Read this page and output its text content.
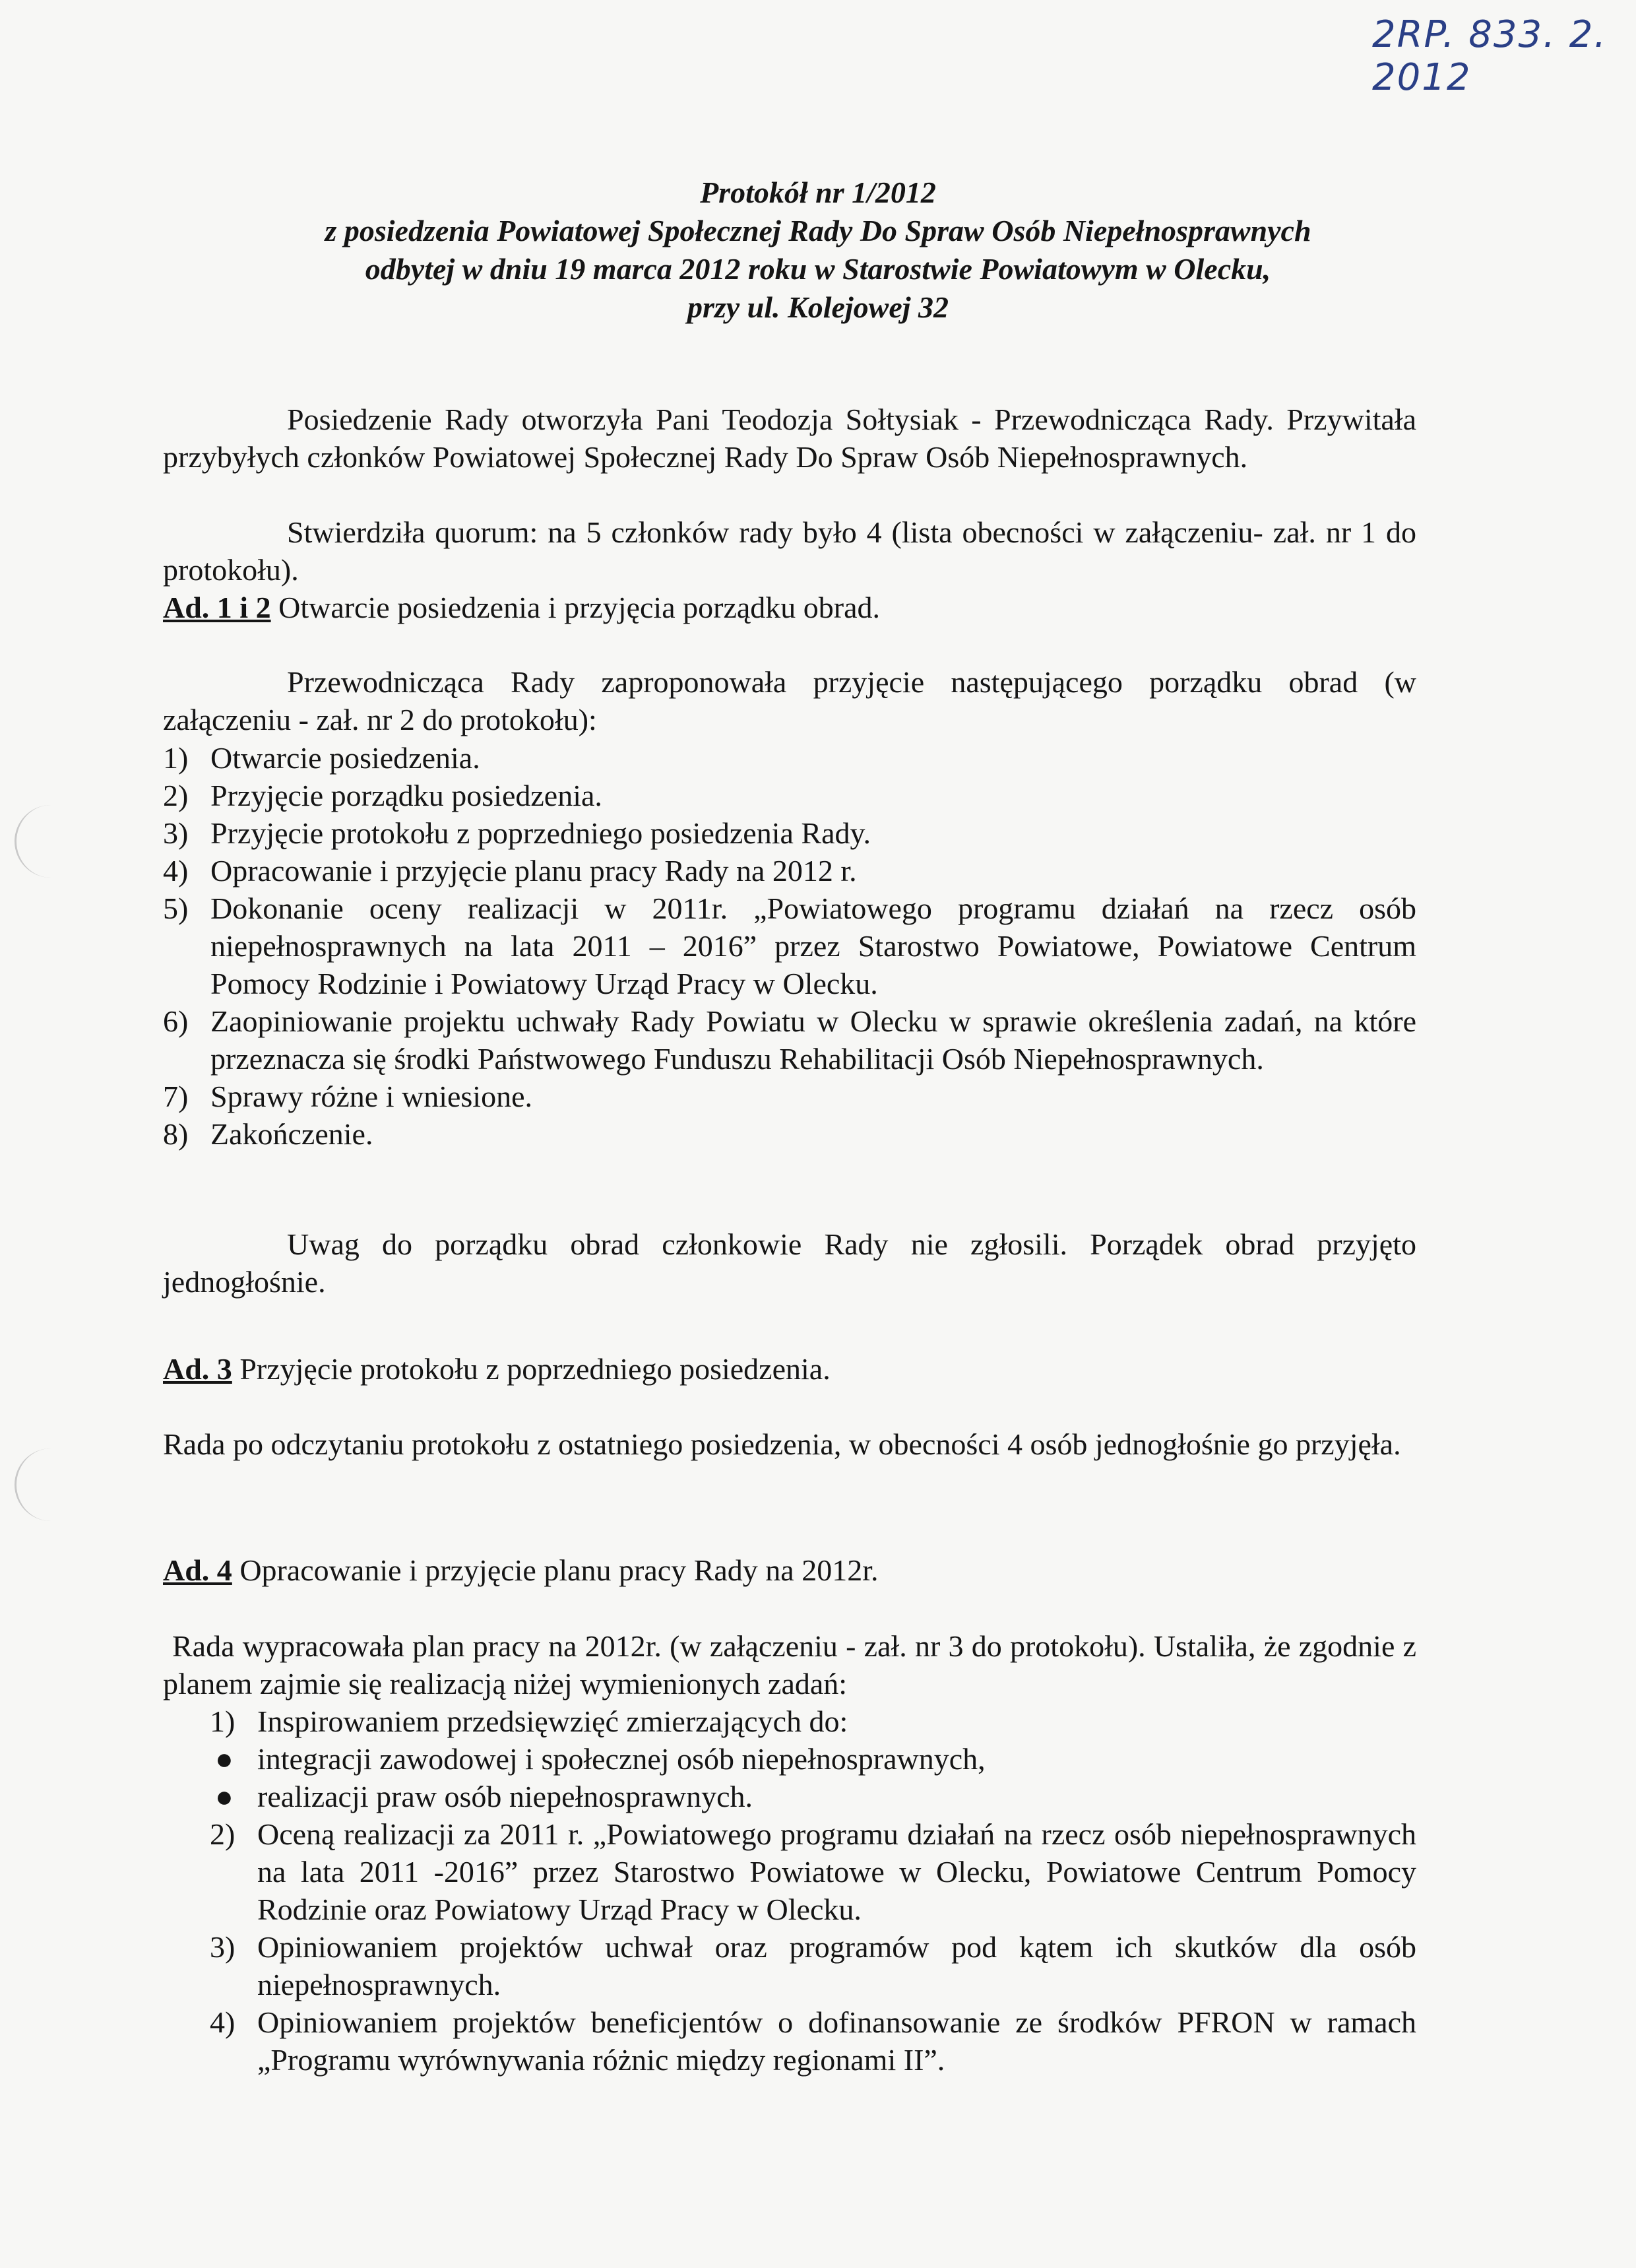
2RP. 833. 2. 2012
Protokół nr 1/2012
z posiedzenia Powiatowej Społecznej Rady Do Spraw Osób Niepełnosprawnych
odbytej w dniu 19 marca 2012 roku w Starostwie Powiatowym w Olecku,
przy ul. Kolejowej 32
Posiedzenie Rady otworzyła Pani Teodozja Sołtysiak - Przewodnicząca Rady. Przywitała przybyłych członków Powiatowej Społecznej Rady Do Spraw Osób Niepełnosprawnych.
Stwierdziła quorum: na 5 członków rady było 4 (lista obecności w załączeniu- zał. nr 1 do protokołu).
Ad. 1 i 2 Otwarcie posiedzenia i przyjęcia porządku obrad.
Przewodnicząca Rady zaproponowała przyjęcie następującego porządku obrad (w załączeniu - zał. nr 2 do protokołu):
1) Otwarcie posiedzenia.
2) Przyjęcie porządku posiedzenia.
3) Przyjęcie protokołu z poprzedniego posiedzenia Rady.
4) Opracowanie i przyjęcie planu pracy Rady na 2012 r.
5) Dokonanie oceny realizacji w 2011r. „Powiatowego programu działań na rzecz osób niepełnosprawnych na lata 2011 – 2016” przez Starostwo Powiatowe, Powiatowe Centrum Pomocy Rodzinie i Powiatowy Urząd Pracy w Olecku.
6) Zaopiniowanie projektu uchwały Rady Powiatu w Olecku w sprawie określenia zadań, na które przeznacza się środki Państwowego Funduszu Rehabilitacji Osób Niepełnosprawnych.
7) Sprawy różne i wniesione.
8) Zakończenie.
Uwag do porządku obrad członkowie Rady nie zgłosili. Porządek obrad przyjęto jednogłośnie.
Ad. 3 Przyjęcie protokołu z poprzedniego posiedzenia.
Rada po odczytaniu protokołu z ostatniego posiedzenia, w obecności 4 osób jednogłośnie go przyjęła.
Ad. 4 Opracowanie i przyjęcie planu pracy Rady na 2012r.
Rada wypracowała plan pracy na 2012r. (w załączeniu - zał. nr 3 do protokołu). Ustaliła, że zgodnie z planem zajmie się realizacją niżej wymienionych zadań:
1) Inspirowaniem przedsięwzięć zmierzających do:
● integracji zawodowej i społecznej osób niepełnosprawnych,
● realizacji praw osób niepełnosprawnych.
2) Oceną realizacji za 2011 r. „Powiatowego programu działań na rzecz osób niepełnosprawnych na lata 2011 -2016” przez Starostwo Powiatowe w Olecku, Powiatowe Centrum Pomocy Rodzinie oraz Powiatowy Urząd Pracy w Olecku.
3) Opiniowaniem projektów uchwał oraz programów pod kątem ich skutków dla osób niepełnosprawnych.
4) Opiniowaniem projektów beneficjentów o dofinansowanie ze środków PFRON w ramach „Programu wyrównywania różnic między regionami II”.
